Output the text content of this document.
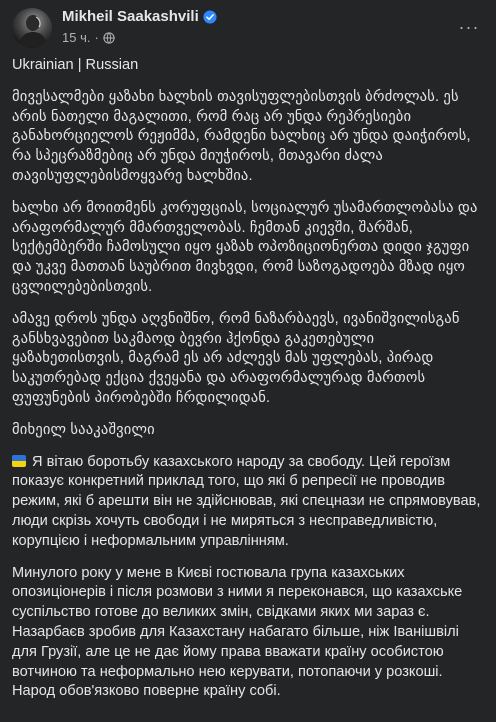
Mikheil Saakashvili
15 ч. ·
···

Ukrainian | Russian

მივესალმები ყაზახი ხალხის თავისუფლებისთვის ბრძოლას. ეს არის ნათელი მაგალითი, რომ რაც არ უნდა რეპრესიები განახორციელოს რეჟიმმა, რამდენი ხალხიც არ უნდა დაიჭიროს, რა სპეცრაზმებიც არ უნდა მიუჭიროს, მთავარი ძალა თავისუფლებისმოყვარე ხალხშია.

ხალხი არ მოითმენს კორუფციას, სოციალურ უსამართლობასა და არაფორმალურ მმართველობას. ჩემთან კიევში, შარშან, სექტემბერში ჩამოსული იყო ყაზახ ოპოზიციონერთა დიდი ჯგუფი და უკვე მათთან საუბრით მივხვდი, რომ საზოგადოება მზად იყო ცვლილებებისთვის.

ამავე დროს უნდა აღვნიშნო, რომ ნაზარბაევს, ივანიშვილისგან განსხვავებით საკმაოდ ბევრი ჰქონდა გაკეთებული ყაზახეთისთვის, მაგრამ ეს არ აძლევს მას უფლებას, პირად საკუთრებად ექცია ქვეყანა და არაფორმალურად მართოს ფუფუნების პირობებში ჩრდილიდან.

მიხეილ სააკაშვილი

Я вітаю боротьбу казахського народу за свободу. Цей героїзм показує конкретний приклад того, що які б репресії не проводив режим, які б арешти він не здійснював, які спецнази не спрямовував, люди скрізь хочуть свободи і не миряться з несправедливістю, корупцією і неформальним управлінням.

Минулого року у мене в Києві гостювала група казахських опозиціонерів і після розмови з ними я переконався, що казахське суспільство готове до великих змін, свідками яких ми зараз є. Назарбаєв зробив для Казахстану набагато більше, ніж Іванішвілі для Грузії, але це не дає йому права вважати країну особистою вотчиною та неформально нею керувати, потопаючи у розкоші. Народ обов'язково поверне країну собі.
